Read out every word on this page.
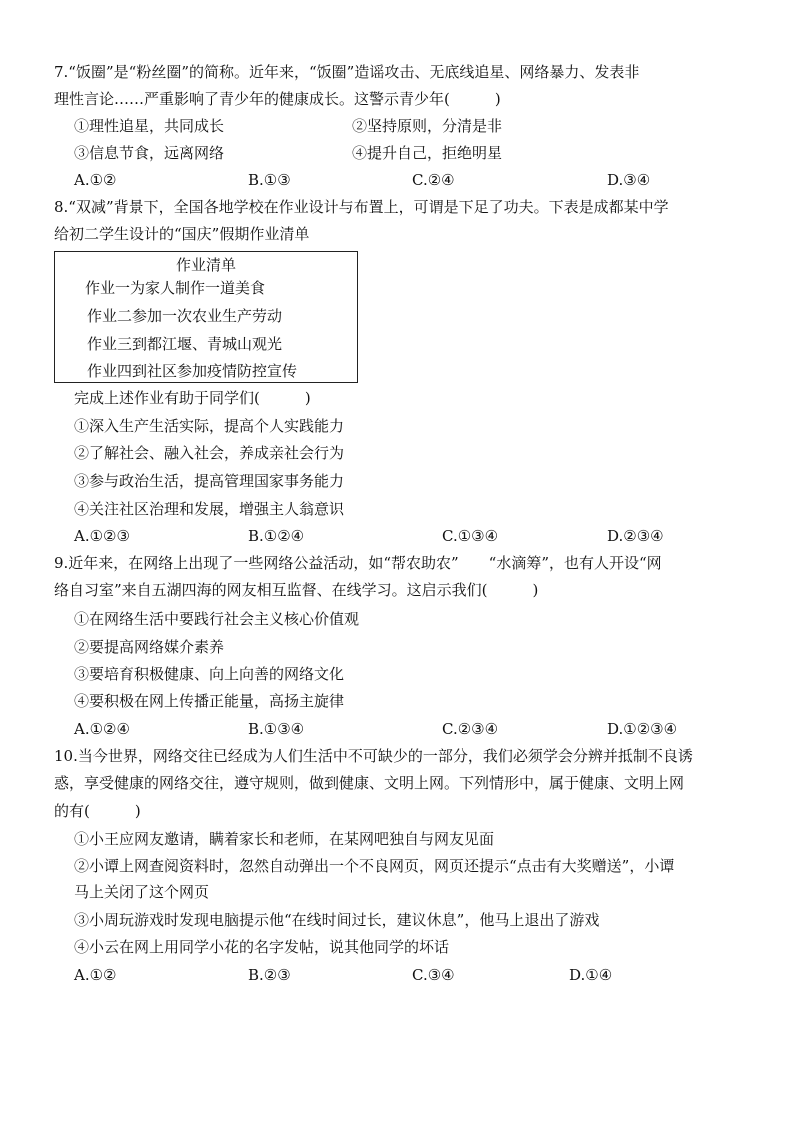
7.“饭圈”是“粉丝圈”的简称。近年来，“饭圈”造谣攻击、无底线追星、网络暴力、发表非
理性言论……严重影响了青少年的健康成长。这警示青少年(　　　)
①理性追星，共同成长	②坚持原则，分清是非
③信息节食，远离网络	④提升自己，拒绝明星
A.①②	B.①③	C.②④	D.③④
8.“双减”背景下，全国各地学校在作业设计与布置上，可谓是下足了功夫。下表是成都某中学
给初二学生设计的“国庆”假期作业清单
作业清单
作业一为家人制作一道美食
作业二参加一次农业生产劳动
作业三到都江堰、青城山观光
作业四到社区参加疫情防控宣传
完成上述作业有助于同学们(　　　)
①深入生产生活实际，提高个人实践能力
②了解社会、融入社会，养成亲社会行为
③参与政治生活，提高管理国家事务能力
④关注社区治理和发展，增强主人翁意识
A.①②③	B.①②④	C.①③④	D.②③④
9.近年来，在网络上出现了一些网络公益活动，如“帮农助农”　　“水滴筹”，也有人开设“网
络自习室”来自五湖四海的网友相互监督、在线学习。这启示我们(　　　)
①在网络生活中要践行社会主义核心价值观
②要提高网络媒介素养
③要培育积极健康、向上向善的网络文化
④要积极在网上传播正能量，高扬主旋律
A.①②④	B.①③④	C.②③④	D.①②③④
10.当今世界，网络交往已经成为人们生活中不可缺少的一部分，我们必须学会分辨并抵制不良诱
惑，享受健康的网络交往，遵守规则，做到健康、文明上网。下列情形中，属于健康、文明上网
的有(　　　)
①小王应网友邀请，瞒着家长和老师，在某网吧独自与网友见面
②小谭上网查阅资料时，忽然自动弹出一个不良网页，网页还提示“点击有大奖赠送”，小谭
马上关闭了这个网页
③小周玩游戏时发现电脑提示他“在线时间过长，建议休息”，他马上退出了游戏
④小云在网上用同学小花的名字发帖，说其他同学的坏话
A.①②	B.②③	C.③④	D.①④
